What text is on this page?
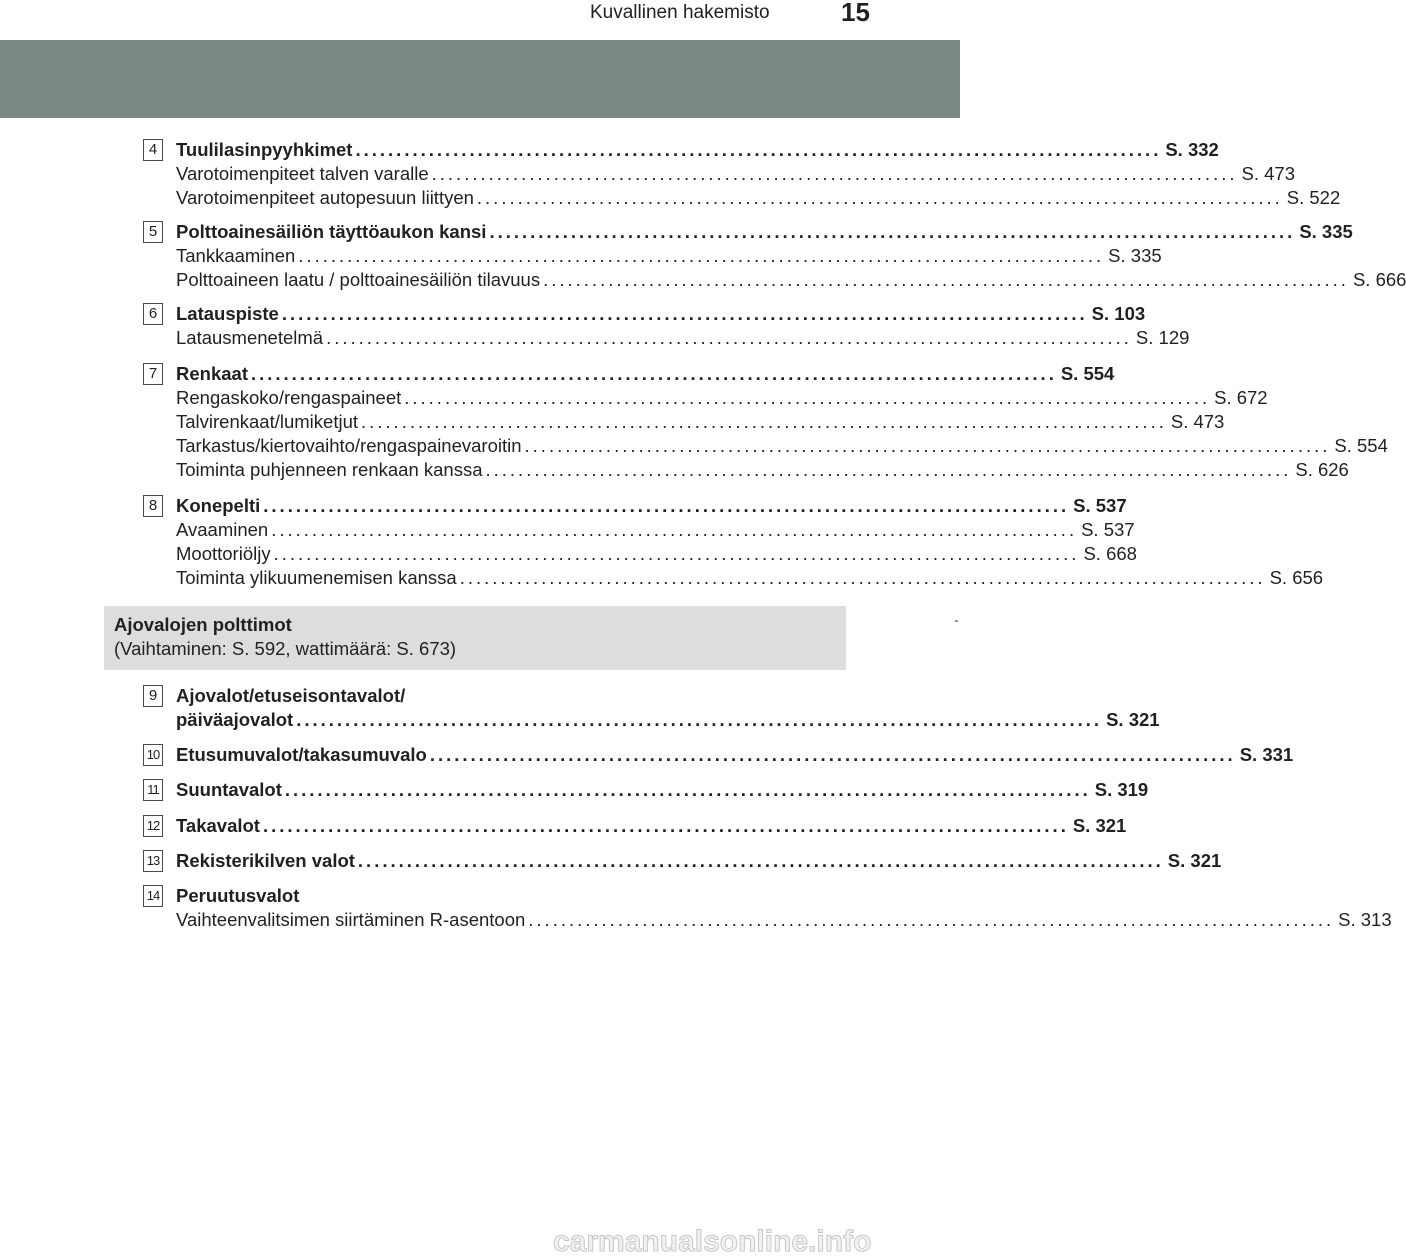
Kuvallinen hakemisto	15
4	Tuulilasinpyyhkimet ................................................................................................... S. 332
Varotoimenpiteet talven varalle ................................................................................................... S. 473
Varotoimenpiteet autopesuun liittyen ................................................................................................... S. 522
5	Polttoainesäiliön täyttöaukon kansi ................................................................................................... S. 335
Tankkaaminen ................................................................................................... S. 335
Polttoaineen laatu / polttoainesäiliön tilavuus ................................................................................................... S. 666
6	Latauspiste ................................................................................................... S. 103
Latausmenetelmä ................................................................................................... S. 129
7	Renkaat ................................................................................................... S. 554
Rengaskoko/rengaspaineet ................................................................................................... S. 672
Talvirenkaat/lumiketjut ................................................................................................... S. 473
Tarkastus/kiertovaihto/rengaspainevaroitin ................................................................................................... S. 554
Toiminta puhjenneen renkaan kanssa ................................................................................................... S. 626
8	Konepelti ................................................................................................... S. 537
Avaaminen ................................................................................................... S. 537
Moottoriöljy ................................................................................................... S. 668
Toiminta ylikuumenemisen kanssa ................................................................................................... S. 656
Ajovalojen polttimot
(Vaihtaminen: S. 592, wattimäärä: S. 673)
9	Ajovalot/etuseisontavalot/
päiväajovalot ................................................................................................... S. 321
10 Etusumuvalot/takasumuvalo ................................................................................................... S. 331
11 Suuntavalot ................................................................................................... S. 319
12 Takavalot ................................................................................................... S. 321
13 Rekisterikilven valot ................................................................................................... S. 321
14 Peruutusvalot
Vaihteenvalitsimen siirtäminen R-asentoon ................................................................................................... S. 313
carmanualsonline.info
